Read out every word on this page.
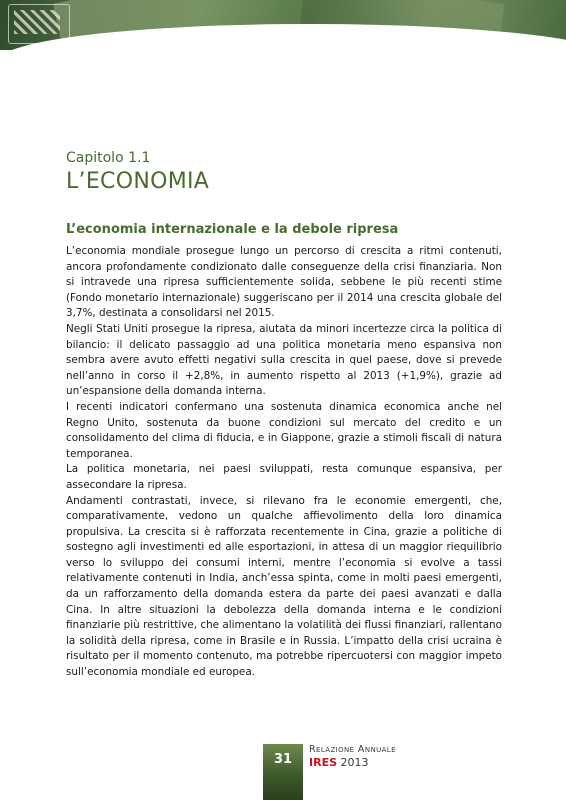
Capitolo 1.1
L’ECONOMIA
L’economia internazionale e la debole ripresa

L’economia mondiale prosegue lungo un percorso di crescita a ritmi contenuti, ancora profondamente condizionato dalle conseguenze della crisi finanziaria. Non si intravede una ripresa sufficientemente solida, sebbene le più recenti stime (Fondo monetario internazionale) suggeriscano per il 2014 una crescita globale del 3,7%, destinata a consolidarsi nel 2015.

Negli Stati Uniti prosegue la ripresa, aiutata da minori incertezze circa la politica di bilancio: il delicato passaggio ad una politica monetaria meno espansiva non sembra avere avuto effetti negativi sulla crescita in quel paese, dove si prevede nell’anno in corso il +2,8%, in aumento rispetto al 2013 (+1,9%), grazie ad un’espansione della domanda interna.

I recenti indicatori confermano una sostenuta dinamica economica anche nel Regno Unito, sostenuta da buone condizioni sul mercato del credito e un consolidamento del clima di fiducia, e in Giappone, grazie a stimoli fiscali di natura temporanea.

La politica monetaria, nei paesi sviluppati, resta comunque espansiva, per assecondare la ripresa.

Andamenti contrastati, invece, si rilevano fra le economie emergenti, che, comparativamente, vedono un qualche affievolimento della loro dinamica propulsiva. La crescita si è rafforzata recentemente in Cina, grazie a politiche di sostegno agli investimenti ed alle esportazioni, in attesa di un maggior riequilibrio verso lo sviluppo dei consumi interni, mentre l’economia si evolve a tassi relativamente contenuti in India, anch’essa spinta, come in molti paesi emergenti, da un rafforzamento della domanda estera da parte dei paesi avanzati e dalla Cina. In altre situazioni la debolezza della domanda interna e le condizioni finanziarie più restrittive, che alimentano la volatilità dei flussi finanziari, rallentano la solidità della ripresa, come in Brasile e in Russia. L’impatto della crisi ucraina è risultato per il momento contenuto, ma potrebbe ripercuotersi con maggior impeto sull’economia mondiale ed europea.

31
Relazione Annuale
IRES 2013
